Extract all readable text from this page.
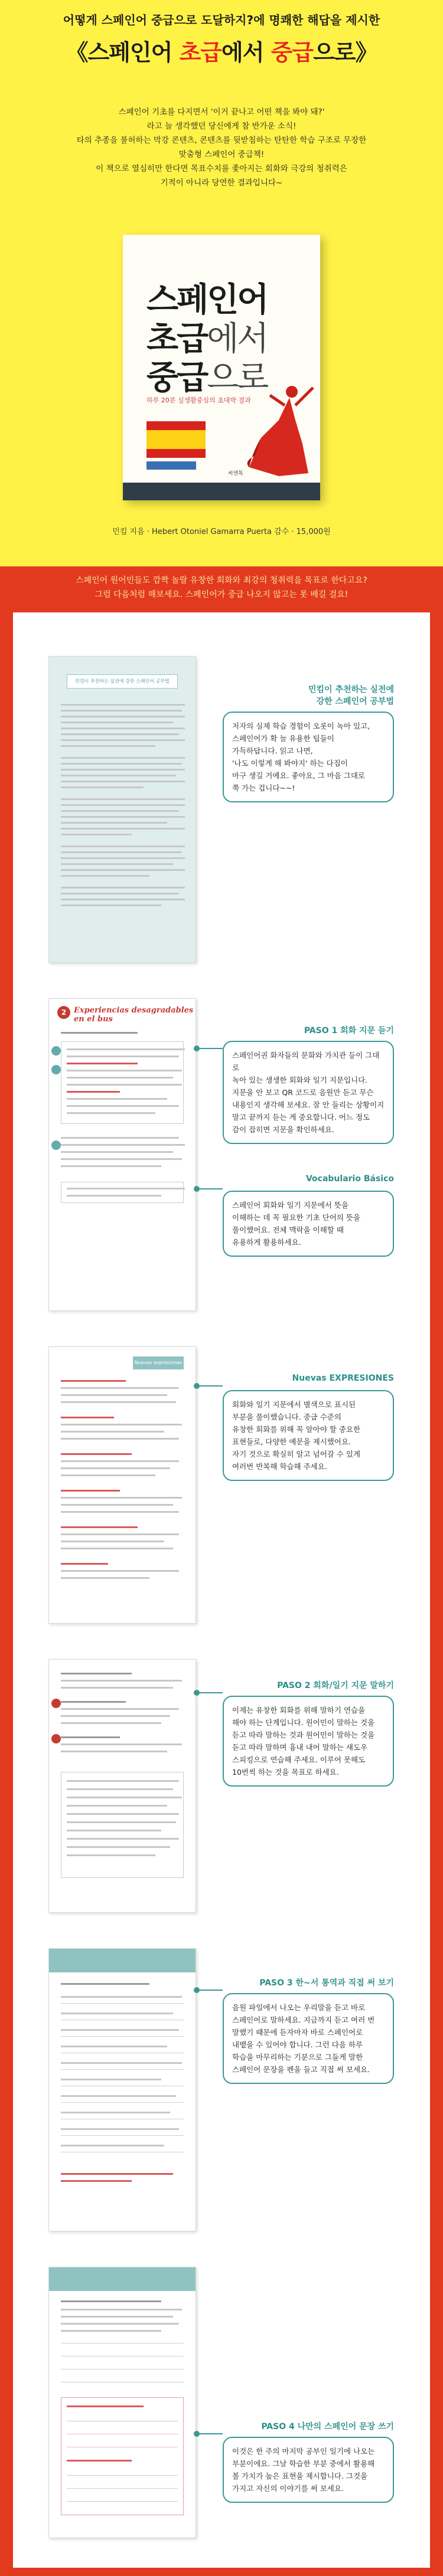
어떻게 스페인어 중급으로 도달하지?에 명쾌한 해답을 제시한
《스페인어 초급에서 중급으로》
스페인어 기초를 다지면서 '이거 끝나고 어떤 책을 봐야 돼?'
라고 늘 생각했던 당신에게 참 반가운 소식!
타의 추종을 불허하는 막강 콘텐츠, 콘텐츠를 뒷받침하는 탄탄한 학습 구조로 무장한
맞춤형 스페인어 중급책!
이 책으로 열심히만 한다면 목표수치를 좇아지는 회화와 극강의 청취력은
기적이 아니라 당연한 결과입니다~
스페인어
초급에서
중급으로
하루 20분 실생활중심의 초대박 결과
씨앤톡
민킴 지음 · Hebert Otoniel Gamarra Puerta 감수 · 15,000원
스페인어 원어민들도 깜짝 놀랄 유창한 회화와 최강의 청취력을 목표로 한다고요?
그럼 다음처럼 해보세요. 스페인어가 중급 나오지 않고는 못 배길 걸요!
민킴이 추천하는 실전에 강한 스페인어 공부법
민킴이 추천하는 실전에
강한 스페인어 공부법
저자의 실제 학습 경험이 오롯이 녹아 있고,
스페인어가 확 늘 유용한 팁들이
가득하답니다. 읽고 나면,
'나도 이렇게 해 봐야지' 하는 다짐이
마구 생길 거예요. 좋아요, 그 마음 그대로
쭉 가는 겁니다~~!
2 Experiencias desagradables en el bus
PASO 1 회화 지문 듣기
스페인어권 화자들의 문화와 가치관 등이 그대로
녹아 있는 생생한 회화와 일기 지문입니다.
지문을 안 보고 QR 코드로 음원만 듣고 무슨
내용인지 생각해 보세요. 잘 안 들리는 상황이지
말고 끝까지 듣는 게 중요합니다. 어느 정도
감이 잡히면 지문을 확인하세요.
Vocabulario Básico
스페인어 회화와 일기 지문에서 뜻을
이해하는 데 꼭 필요한 기초 단어의 뜻을
풀이했어요. 전체 맥락을 이해할 때
유용하게 활용하세요.
Nuevas expresiones
Nuevas EXPRESIONES
회화와 일기 지문에서 별색으로 표시된
부분을 풀이했습니다. 중급 수준의
유창한 회화를 위해 꼭 알아야 할 중요한
표현들로, 다양한 예문을 제시했어요.
자기 것으로 확실히 알고 넘어갈 수 있게
여러번 반복해 학습해 주세요.
PASO 2 회화/일기 지문 말하기
이제는 유창한 회화를 위해 말하기 연습을
해야 하는 단계입니다. 원어민이 말하는 것을
듣고 따라 말하는 것과 원어민이 말하는 것을
듣고 따라 말하며 흉내 내어 말하는 섀도우
스피킹으로 연습해 주세요. 이루어 못해도
10번씩 하는 것을 목표로 하세요.
PASO 3 한~서 통역과 직접 써 보기
음원 파일에서 나오는 우리말을 듣고 바로
스페인어로 말하세요. 지금까지 듣고 여러 번
말했기 때문에 듣자마자 바로 스페인어로
내뱉을 수 있어야 합니다. 그런 다음 하루
학습을 마무리하는 기분으로 그들게 말한
스페인어 문장을 펜을 들고 직접 써 보세요.
PASO 4 나만의 스페인어 문장 쓰기
이것은 한 주의 마지막 공부인 일기에 나오는
부분이에요. 그날 학습한 부분 중에서 활용해
볼 가치가 높은 표현을 제시합니다. 그것을
가지고 자신의 이야기를 써 보세요.
